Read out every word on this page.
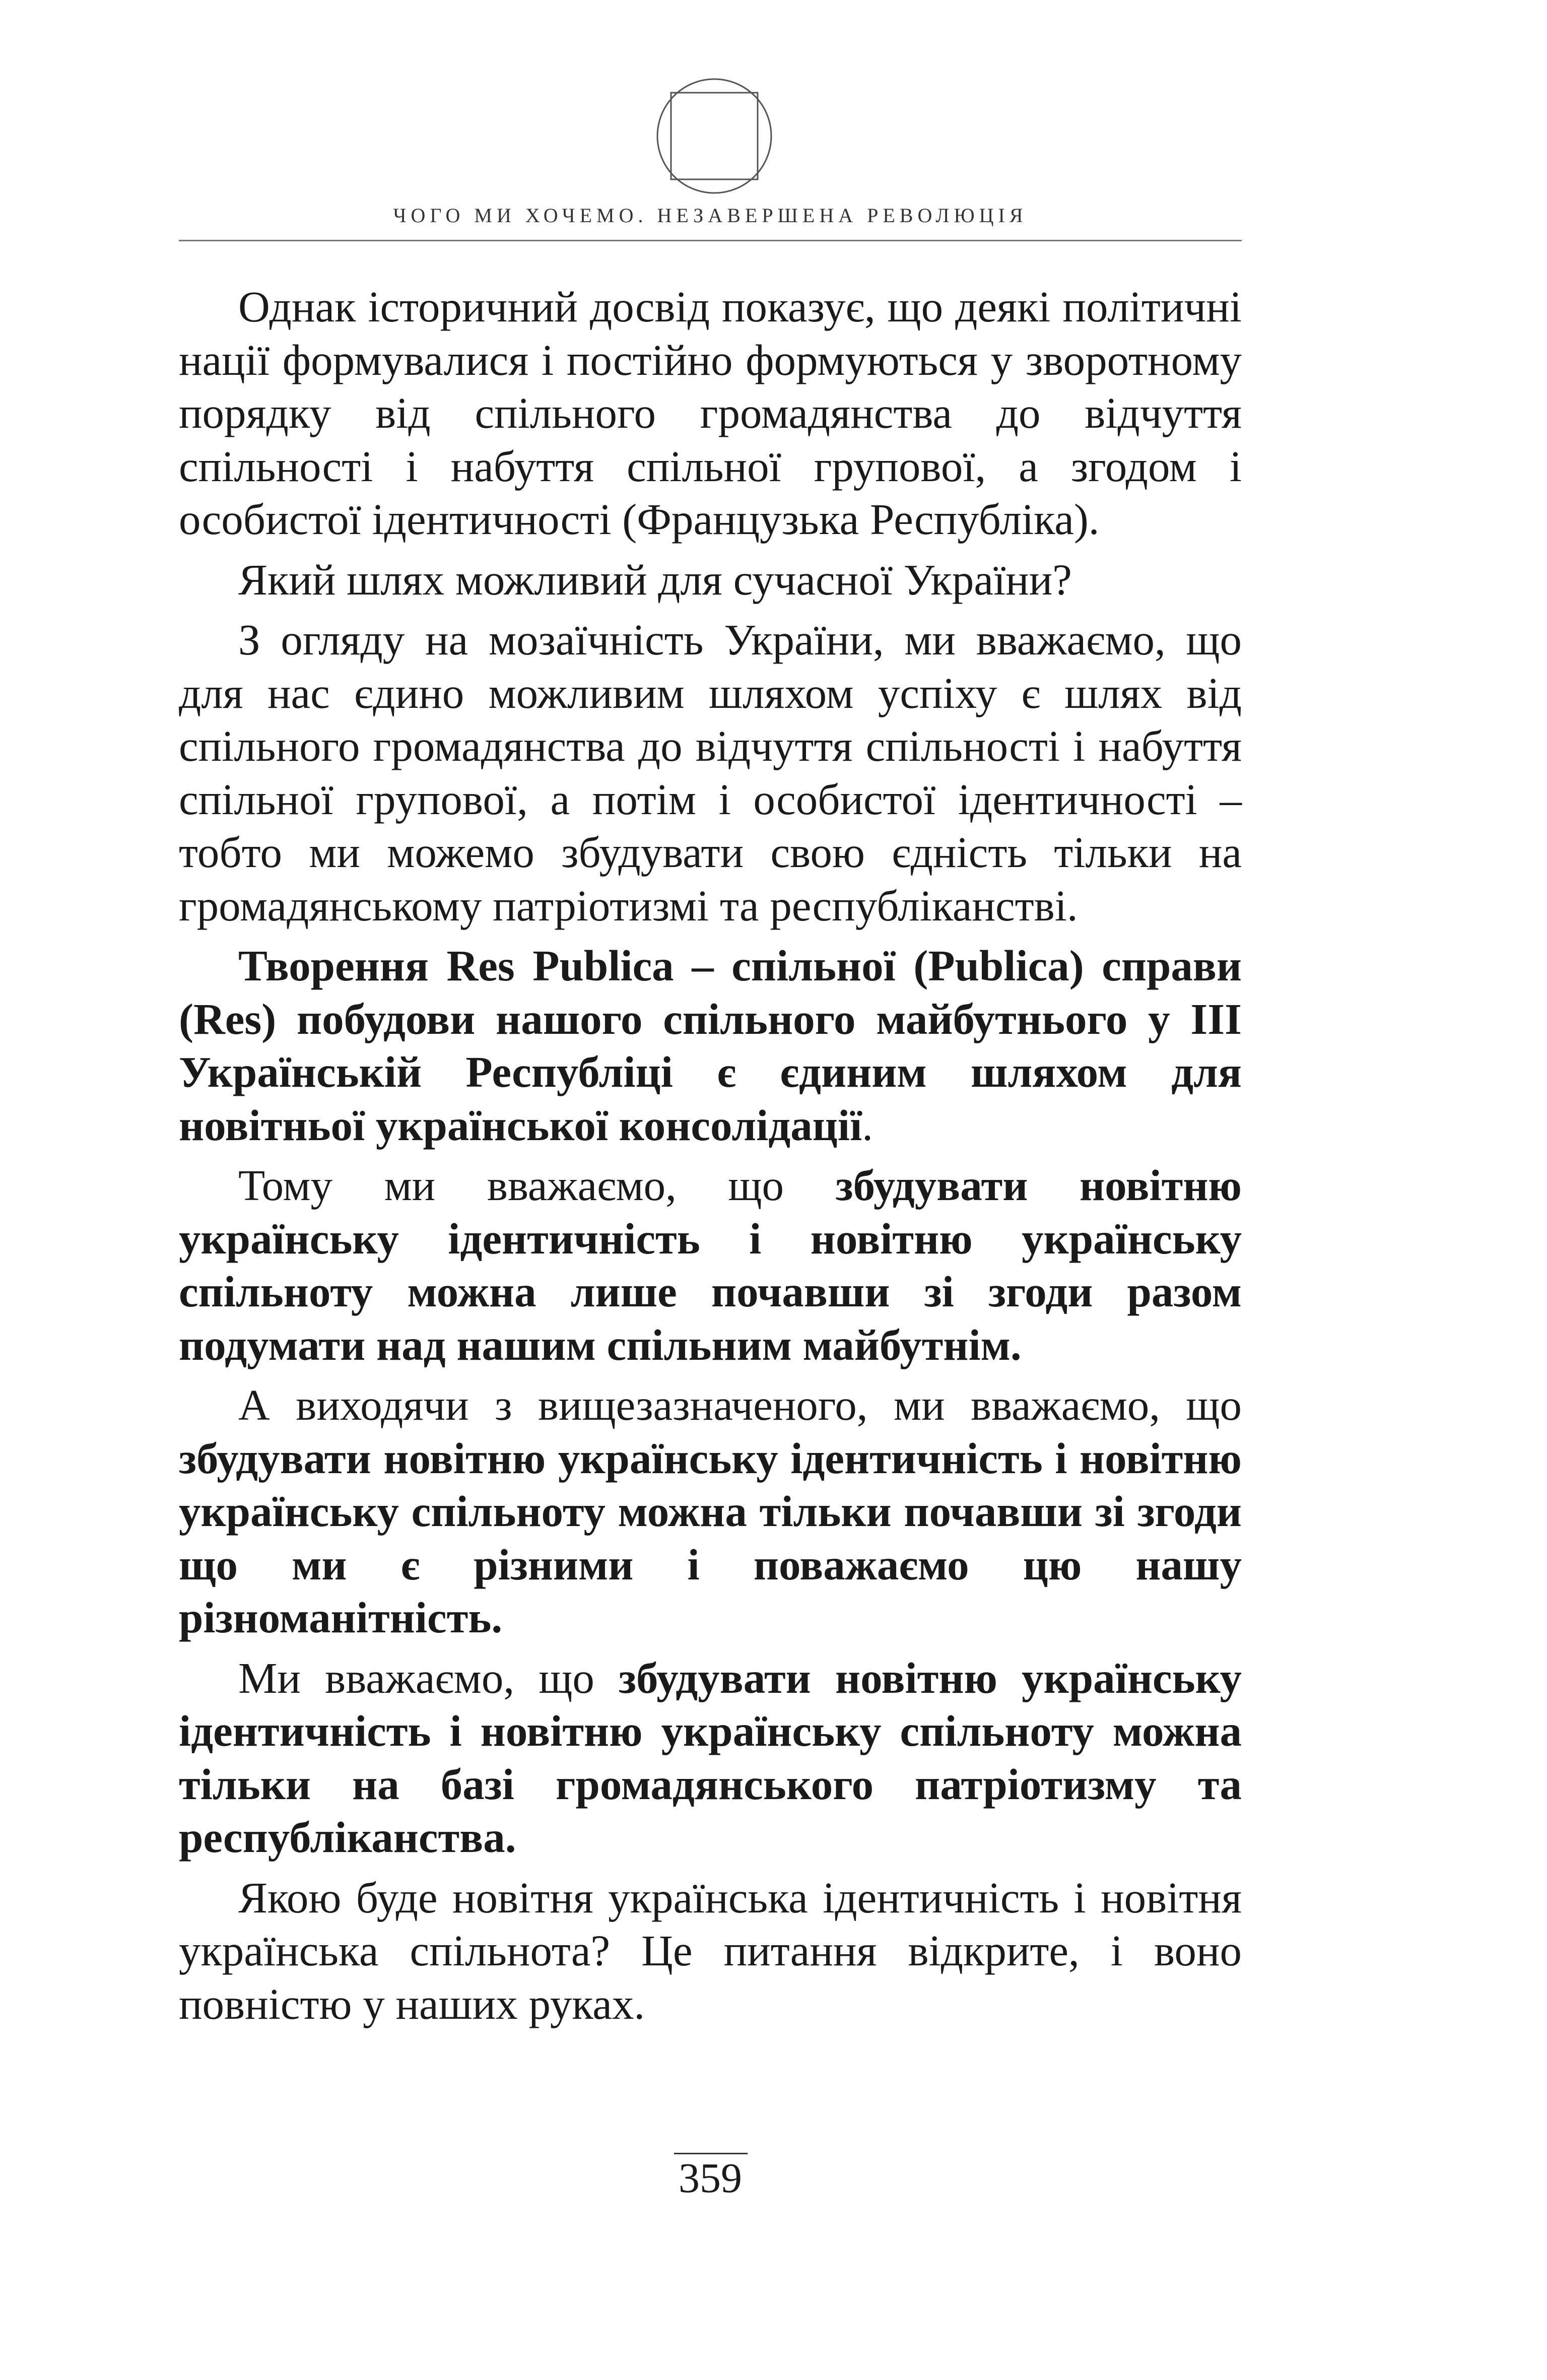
ЧОГО МИ ХОЧЕМО. НЕЗАВЕРШЕНА РЕВОЛЮЦІЯ

Однак історичний досвід показує, що деякі політичні нації формувалися і постійно формуються у зворотному порядку від спільного громадянства до відчуття спільності і набуття спільної групової, а згодом і особистої ідентичності (Французька Республіка).

Який шлях можливий для сучасної України?

З огляду на мозаїчність України, ми вважаємо, що для нас єдино можливим шляхом успіху є шлях від спільного громадянства до відчуття спільності і набуття спільної групової, а потім і особистої ідентичності – тобто ми можемо збудувати свою єдність тільки на громадянському патріотизмі та республіканстві.

Творення Res Publica – спільної (Publica) справи (Res) побудови нашого спільного майбутнього у ІІІ Українській Республіці є єдиним шляхом для новітньої української консолідації.

Тому ми вважаємо, що збудувати новітню українську ідентичність і новітню українську спільноту можна лише почавши зі згоди разом подумати над нашим спільним майбутнім.

А виходячи з вищезазначеного, ми вважаємо, що збудувати новітню українську ідентичність і новітню українську спільноту можна тільки почавши зі згоди що ми є різними і поважаємо цю нашу різноманітність.

Ми вважаємо, що збудувати новітню українську ідентичність і новітню українську спільноту можна тільки на базі громадянського патріотизму та республіканства.

Якою буде новітня українська ідентичність і новітня українська спільнота? Це питання відкрите, і воно повністю у наших руках.

359
